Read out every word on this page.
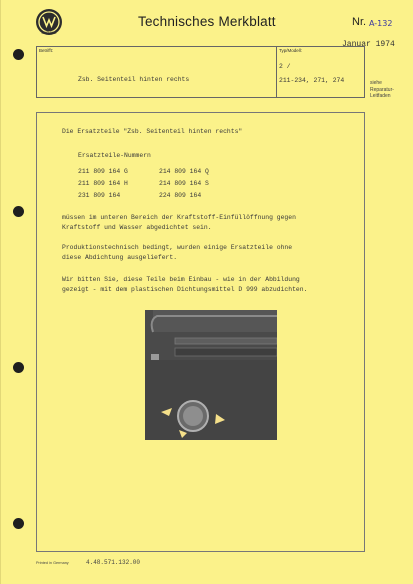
SERVICE
Technisches Merkblatt	Nr. A-132
Januar 1974
Betrifft:	Typ/Modell:
Zsb. Seitenteil hinten rechts
2 /
211-234, 271, 274	siehe
Reparatur-
Leitfaden
Die Ersatzteile "Zsb. Seitenteil hinten rechts"
Ersatzteile-Nummern
211 809 164 G	214 809 164 Q
211 809 164 H	214 809 164 S
231 809 164	224 809 164
müssen im unteren Bereich der Kraftstoff-Einfüllöffnung gegen
Kraftstoff und Wasser abgedichtet sein.
Produktionstechnisch bedingt, wurden einige Ersatzteile ohne
diese Abdichtung ausgeliefert.
Wir bitten Sie, diese Teile beim Einbau - wie in der Abbildung
gezeigt - mit dem plastischen Dichtungsmittel D 999 abzudichten.
Printed in Germany	4.48.571.132.00
